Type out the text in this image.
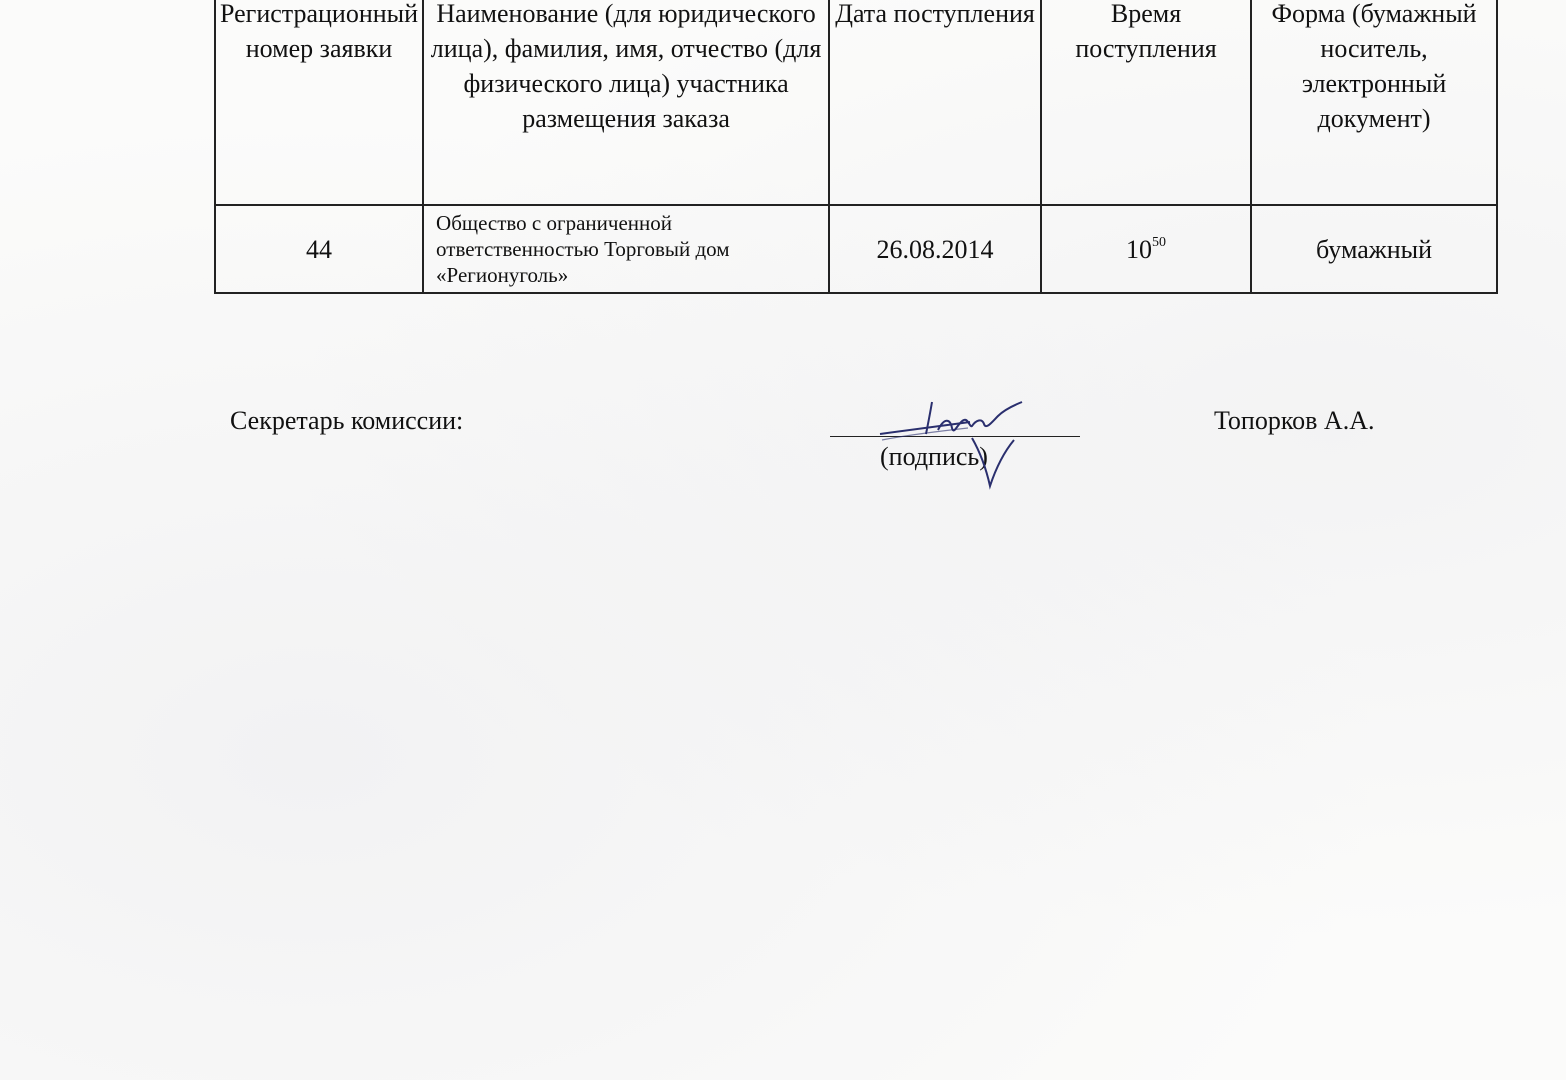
Регистрационный номер заявки	Наименование (для юридического лица), фамилия, имя, отчество (для физического лица) участника размещения заказа	Дата поступления	Время поступления	Форма (бумажный носитель, электронный документ)
44	Общество с ограниченной ответственностью Торговый дом «Регионуголь»	26.08.2014	$10^{50}$	бумажный
Секретарь комиссии:
(подпись)
Топорков А.А.
